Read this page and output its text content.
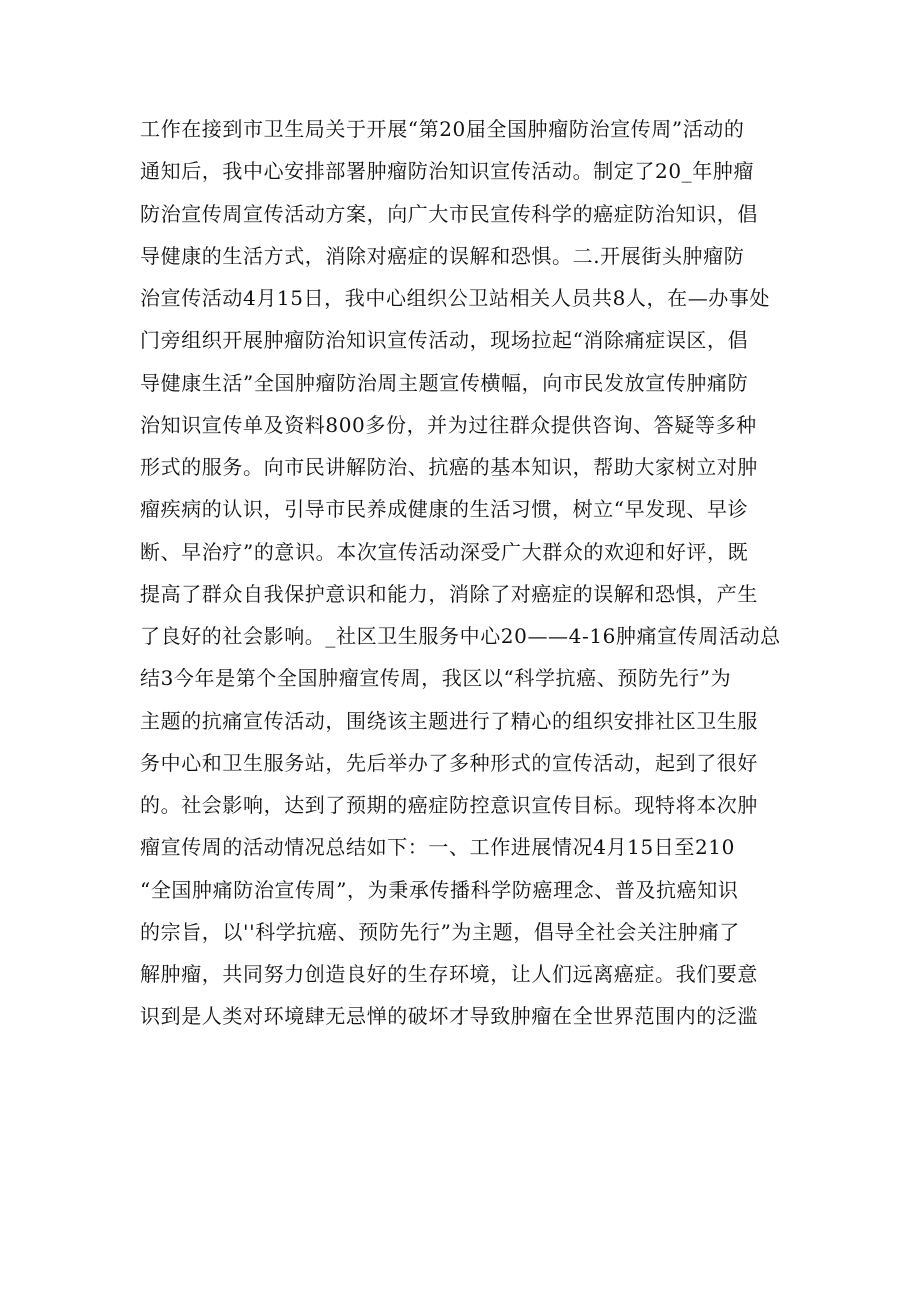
工作在接到市卫生局关于开展“第20届全国肿瘤防治宣传周”活动的
通知后，我中心安排部署肿瘤防治知识宣传活动。制定了20_年肿瘤
防治宣传周宣传活动方案，向广大市民宣传科学的癌症防治知识，倡
导健康的生活方式，消除对癌症的误解和恐惧。二.开展街头肿瘤防
治宣传活动4月15日，我中心组织公卫站相关人员共8人，在—办事处
门旁组织开展肿瘤防治知识宣传活动，现场拉起“消除痛症误区，倡
导健康生活”全国肿瘤防治周主题宣传横幅，向市民发放宣传肿痛防
治知识宣传单及资料800多份，并为过往群众提供咨询、答疑等多种
形式的服务。向市民讲解防治、抗癌的基本知识，帮助大家树立对肿
瘤疾病的认识，引导市民养成健康的生活习惯，树立“早发现、早诊
断、早治疗”的意识。本次宣传活动深受广大群众的欢迎和好评，既
提高了群众自我保护意识和能力，消除了对癌症的误解和恐惧，产生
了良好的社会影响。_社区卫生服务中心20——4-16肿痛宣传周活动总
结3今年是第个全国肿瘤宣传周，我区以“科学抗癌、预防先行”为
主题的抗痛宣传活动，围绕该主题进行了精心的组织安排社区卫生服
务中心和卫生服务站，先后举办了多种形式的宣传活动，起到了很好
的。社会影响，达到了预期的癌症防控意识宣传目标。现特将本次肿
瘤宣传周的活动情况总结如下：一、工作进展情况4月15日至210
“全国肿痛防治宣传周”，为秉承传播科学防癌理念、普及抗癌知识
的宗旨，以''科学抗癌、预防先行”为主题，倡导全社会关注肿痛了
解肿瘤，共同努力创造良好的生存环境，让人们远离癌症。我们要意
识到是人类对环境肆无忌惮的破坏才导致肿瘤在全世界范围内的泛滥
